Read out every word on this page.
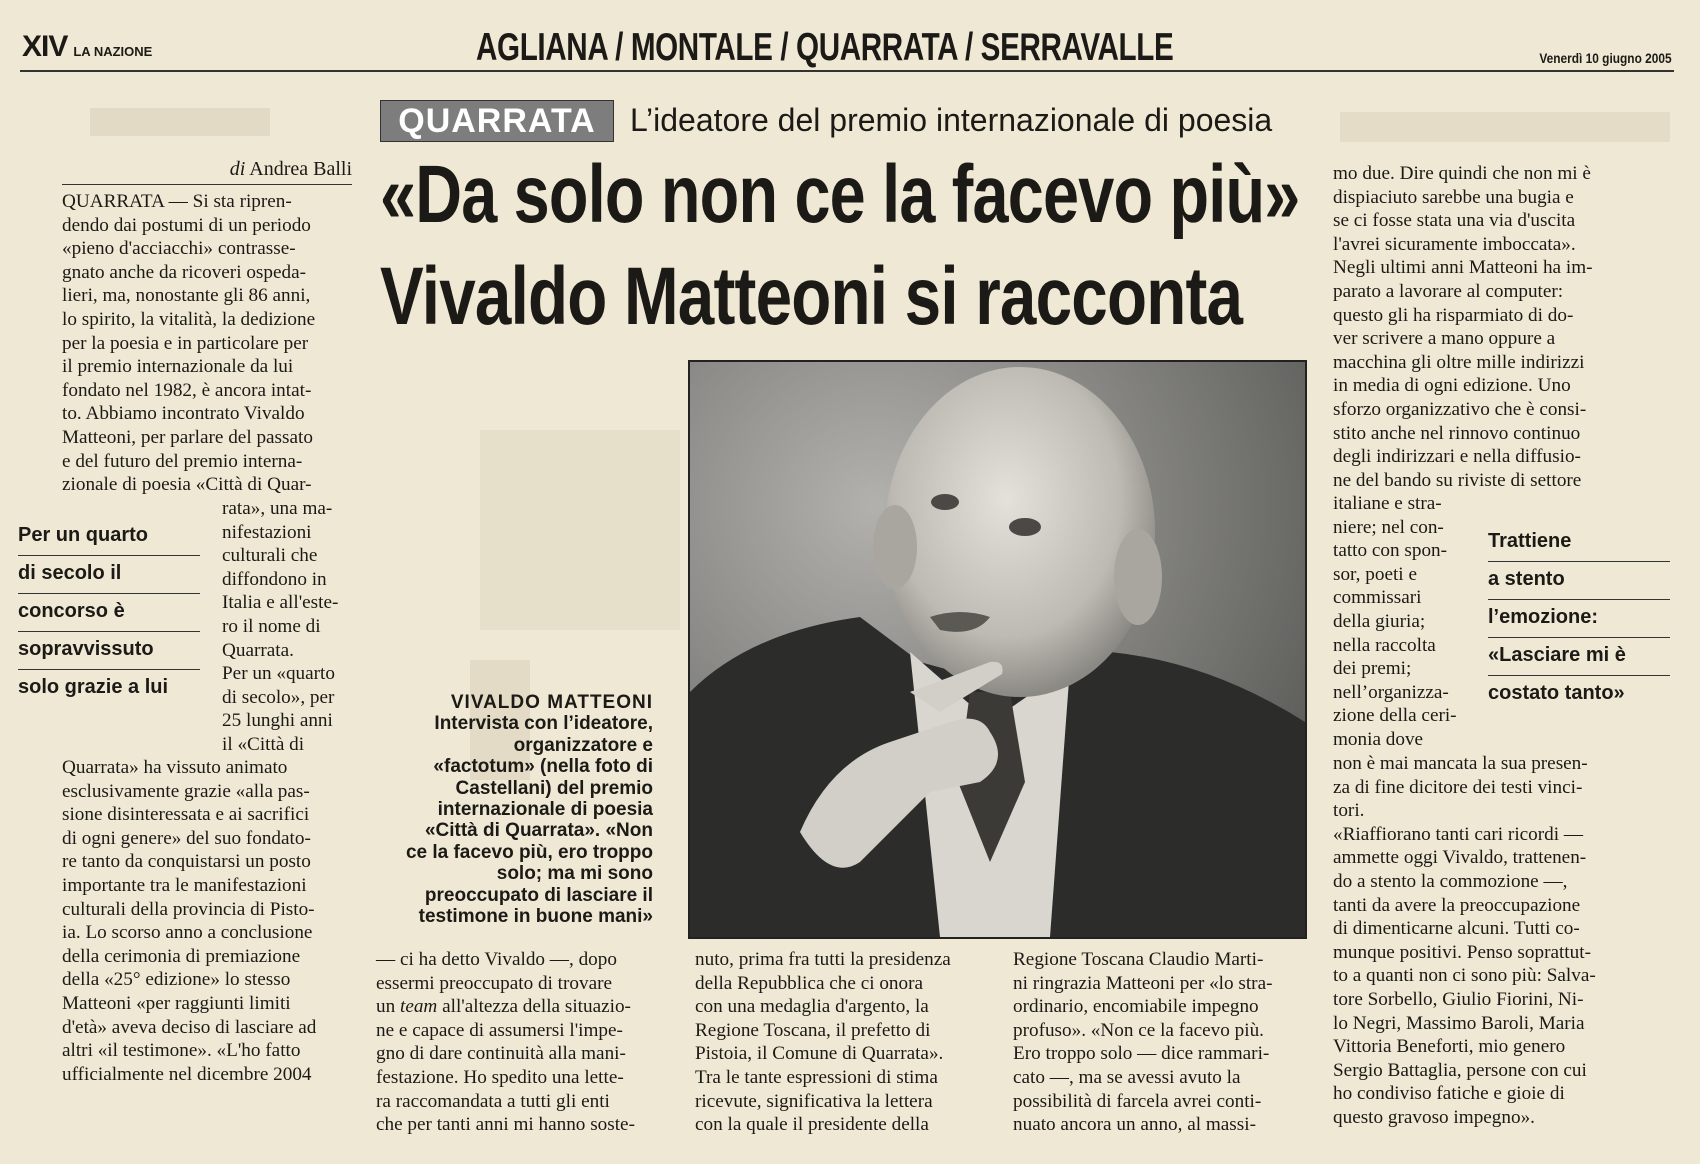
XIV LA NAZIONE	AGLIANA / MONTALE / QUARRATA / SERRAVALLE	Venerdì 10 giugno 2005
QUARRATA	L’ideatore del premio internazionale di poesia
«Da solo non ce la facevo più»
Vivaldo Matteoni si racconta
di Andrea Balli

QUARRATA — Si sta ripren-

dendo dai postumi di un periodo

«pieno d'acciacchi» contrasse-

gnato anche da ricoveri ospeda-

lieri, ma, nonostante gli 86 anni,

lo spirito, la vitalità, la dedizione

per la poesia e in particolare per

il premio internazionale da lui

fondato nel 1982, è ancora intat-

to. Abbiamo incontrato Vivaldo

Matteoni, per parlare del passato

e del futuro del premio interna-

zionale di poesia «Città di Quar-

rata», una ma-

nifestazioni

culturali che

diffondono in

Italia e all'este-

ro il nome di

Quarrata.

Per un «quarto

di secolo», per

25 lunghi anni

il «Città di

Quarrata» ha vissuto animato

esclusivamente grazie «alla pas-

sione disinteressata e ai sacrifici

di ogni genere» del suo fondato-

re tanto da conquistarsi un posto

importante tra le manifestazioni

culturali della provincia di Pisto-

ia. Lo scorso anno a conclusione

della cerimonia di premiazione

della «25° edizione» lo stesso

Matteoni «per raggiunti limiti

d'età» aveva deciso di lasciare ad

altri «il testimone». «L'ho fatto

ufficialmente nel dicembre 2004

Per un quarto
di secolo il
concorso è
sopravvissuto
solo grazie a lui
VIVALDO MATTEONI
Intervista con l’ideatore,
organizzatore e
«factotum» (nella foto di
Castellani) del premio
internazionale di poesia
«Città di Quarrata». «Non
ce la facevo più, ero troppo
solo; ma mi sono
preoccupato di lasciare il
testimone in buone mani»

— ci ha detto Vivaldo —, dopo

essermi preoccupato di trovare

un team all'altezza della situazio-

ne e capace di assumersi l'impe-

gno di dare continuità alla mani-

festazione. Ho spedito una lette-

ra raccomandata a tutti gli enti

che per tanti anni mi hanno soste-

nuto, prima fra tutti la presidenza

della Repubblica che ci onora

con una medaglia d'argento, la

Regione Toscana, il prefetto di

Pistoia, il Comune di Quarrata».

Tra le tante espressioni di stima

ricevute, significativa la lettera

con la quale il presidente della

Regione Toscana Claudio Marti-

ni ringrazia Matteoni per «lo stra-

ordinario, encomiabile impegno

profuso». «Non ce la facevo più.

Ero troppo solo — dice rammari-

cato —, ma se avessi avuto la

possibilità di farcela avrei conti-

nuato ancora un anno, al massi-

mo due. Dire quindi che non mi è

dispiaciuto sarebbe una bugia e

se ci fosse stata una via d'uscita

l'avrei sicuramente imboccata».

Negli ultimi anni Matteoni ha im-

parato a lavorare al computer:

questo gli ha risparmiato di do-

ver scrivere a mano oppure a

macchina gli oltre mille indirizzi

in media di ogni edizione. Uno

sforzo organizzativo che è consi-

stito anche nel rinnovo continuo

degli indirizzari e nella diffusio-

ne del bando su riviste di settore

italiane e stra-

niere; nel con-

tatto con spon-

sor, poeti e

commissari

della giuria;

nella raccolta

dei premi;

nell’organizza-

zione della ceri-

monia dove

non è mai mancata la sua presen-

za di fine dicitore dei testi vinci-

tori.

«Riaffiorano tanti cari ricordi —

ammette oggi Vivaldo, trattenen-

do a stento la commozione —,

tanti da avere la preoccupazione

di dimenticarne alcuni. Tutti co-

munque positivi. Penso soprattut-

to a quanti non ci sono più: Salva-

tore Sorbello, Giulio Fiorini, Ni-

lo Negri, Massimo Baroli, Maria

Vittoria Beneforti, mio genero

Sergio Battaglia, persone con cui

ho condiviso fatiche e gioie di

questo gravoso impegno».

Trattiene
a stento
l’emozione:
«Lasciare mi è
costato tanto»
